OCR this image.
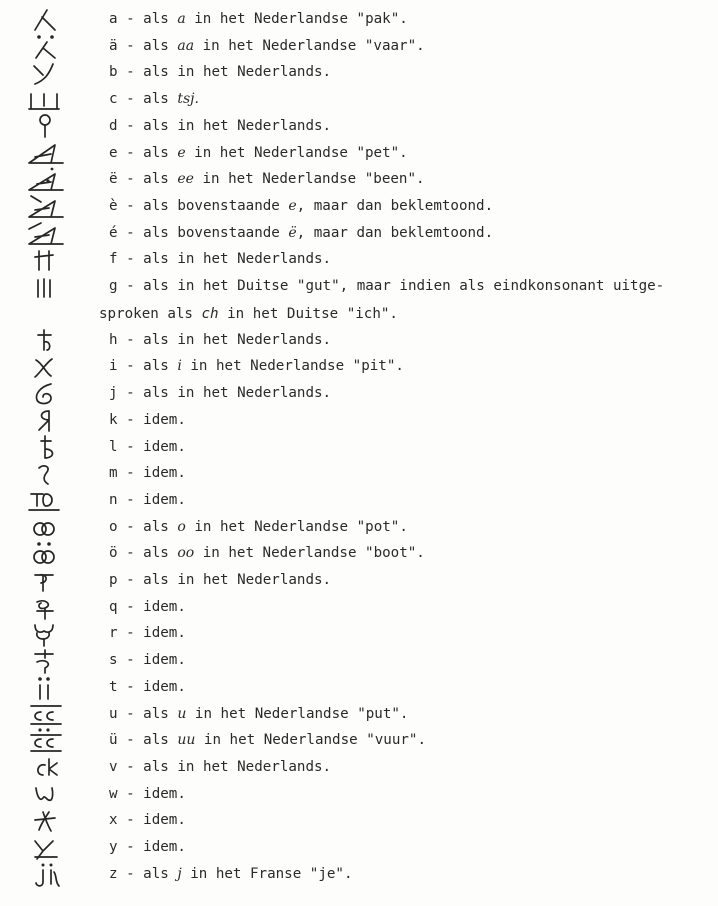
a - als a in het Nederlandse "pak".
ä - als aa in het Nederlandse "vaar".
b - als in het Nederlands.
c - als tsj.
d - als in het Nederlands.
e - als e in het Nederlandse "pet".
ë - als ee in het Nederlandse "been".
è - als bovenstaande e, maar dan beklemtoond.
é - als bovenstaande ë, maar dan beklemtoond.
f - als in het Nederlands.
g - als in het Duitse "gut", maar indien als eindkonsonant uitge-
h - als in het Nederlands.
i - als i in het Nederlandse "pit".
j - als in het Nederlands.
k - idem.
l - idem.
m - idem.
n - idem.
o - als o in het Nederlandse "pot".
ö - als oo in het Nederlandse "boot".
p - als in het Nederlands.
q - idem.
r - idem.
s - idem.
t - idem.
u - als u in het Nederlandse "put".
ü - als uu in het Nederlandse "vuur".
v - als in het Nederlands.
w - idem.
x - idem.
y - idem.
z - als j in het Franse "je".
sproken als ch in het Duitse "ich".
